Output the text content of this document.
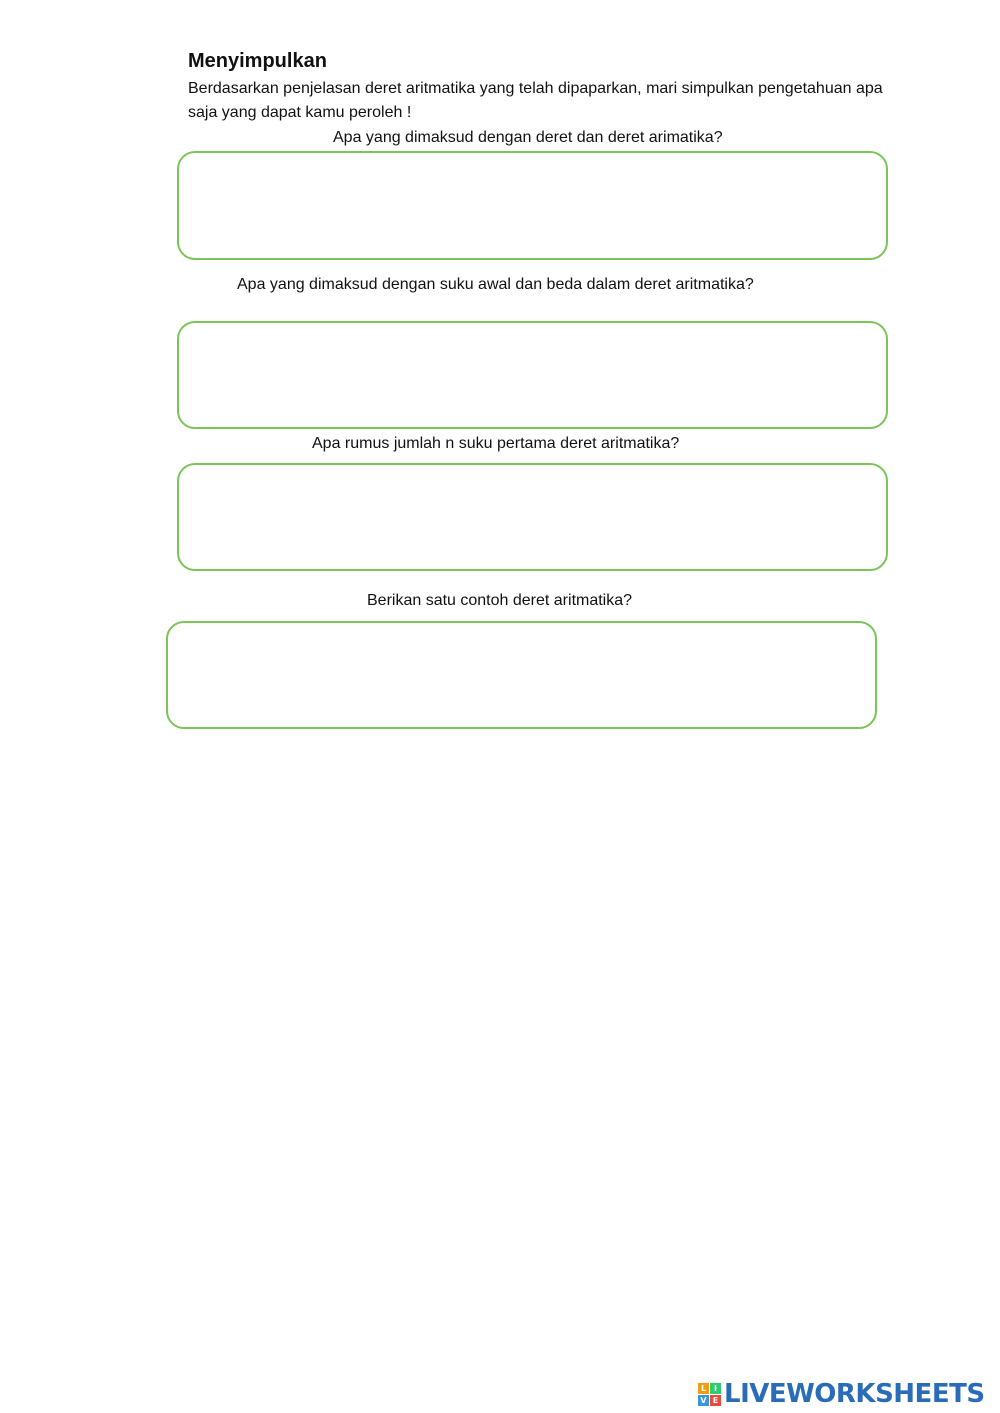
Menyimpulkan
Berdasarkan penjelasan deret aritmatika yang telah dipaparkan, mari simpulkan pengetahuan apa saja yang dapat kamu peroleh !
Apa yang dimaksud dengan deret dan deret arimatika?
Apa yang dimaksud dengan suku awal dan beda dalam deret aritmatika?
Apa rumus jumlah n suku pertama deret aritmatika?
Berikan satu contoh deret aritmatika?
L I
V E LIVEWORKSHEETS
